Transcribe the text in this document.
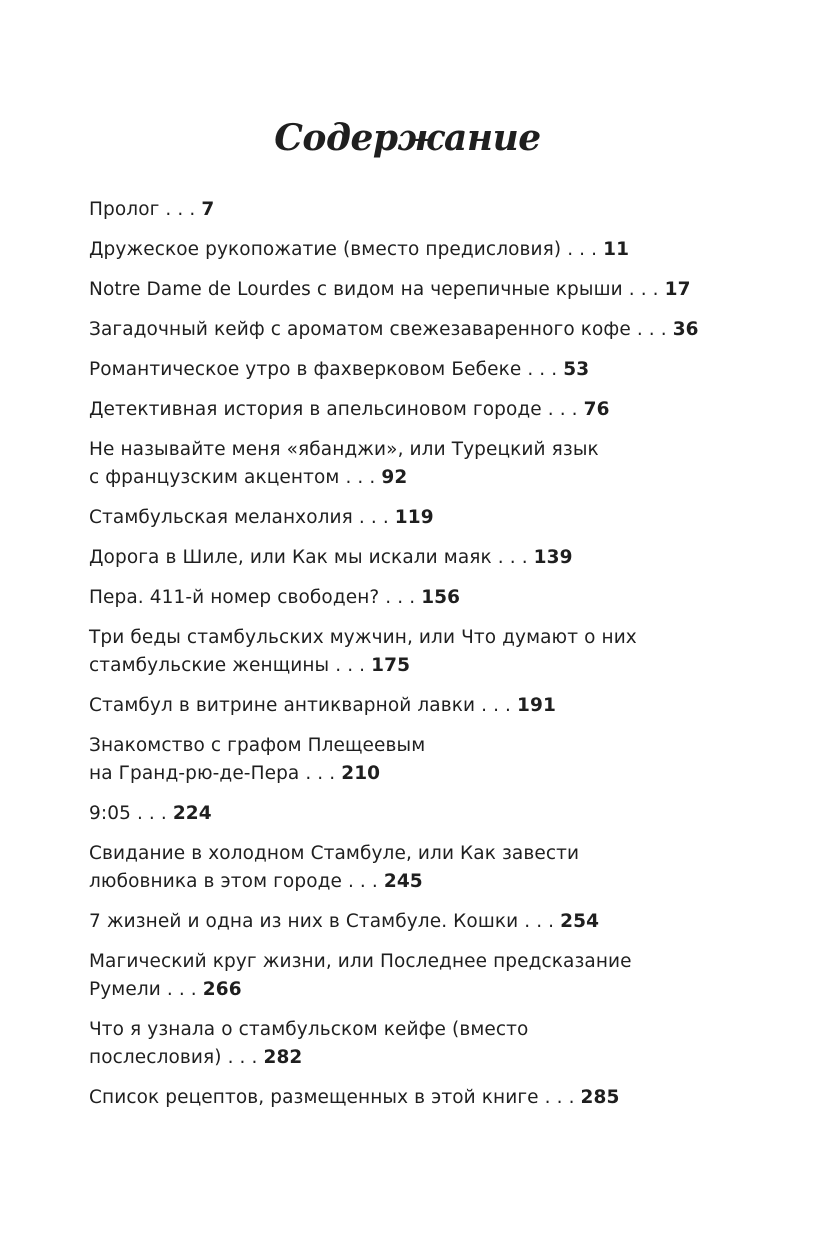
Содержание
Пролог . . . 7
Дружеское рукопожатие (вместо предисловия) . . . 11
Notre Dame de Lourdes с видом на черепичные крыши . . . 17
Загадочный кейф с ароматом свежезаваренного кофе . . . 36
Романтическое утро в фахверковом Бебеке . . . 53
Детективная история в апельсиновом городе . . . 76
Не называйте меня «ябанджи», или Турецкий язык
с французским акцентом . . . 92
Стамбульская меланхолия . . . 119
Дорога в Шиле, или Как мы искали маяк . . . 139
Пера. 411-й номер свободен? . . . 156
Три беды стамбульских мужчин, или Что думают о них
стамбульские женщины . . . 175
Стамбул в витрине антикварной лавки . . . 191
Знакомство с графом Плещеевым
на Гранд-рю-де-Пера . . . 210
9:05 . . . 224
Свидание в холодном Стамбуле, или Как завести
любовника в этом городе . . . 245
7 жизней и одна из них в Стамбуле. Кошки . . . 254
Магический круг жизни, или Последнее предсказание
Румели . . . 266
Что я узнала о стамбульском кейфе (вместо
послесловия) . . . 282
Список рецептов, размещенных в этой книге . . . 285
